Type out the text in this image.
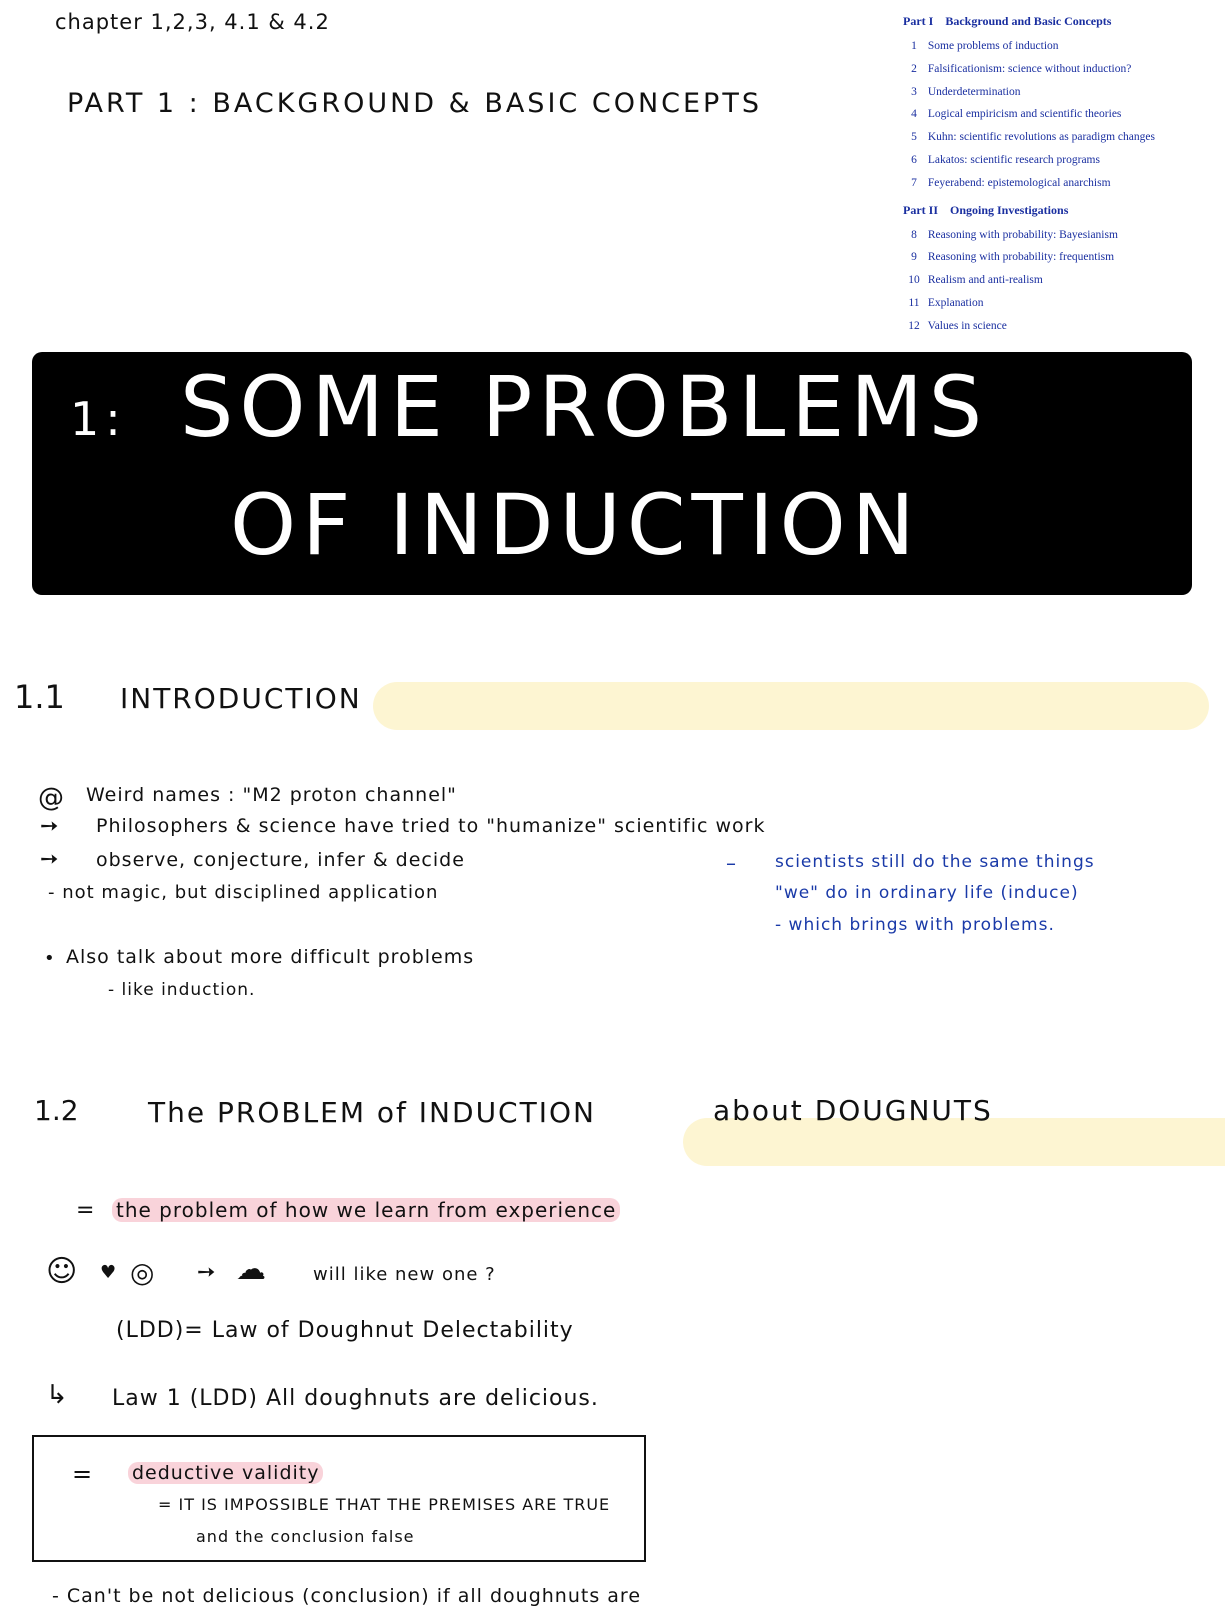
chapter 1,2,3, 4.1 & 4.2
PART 1 : BACKGROUND & BASIC CONCEPTS
Part I Background and Basic Concepts
1 Some problems of induction
2 Falsificationism: science without induction?
3 Underdetermination
4 Logical empiricism and scientific theories
5 Kuhn: scientific revolutions as paradigm changes
6 Lakatos: scientific research programs
7 Feyerabend: epistemological anarchism
Part II Ongoing Investigations
8 Reasoning with probability: Bayesianism
9 Reasoning with probability: frequentism
10 Realism and anti-realism
11 Explanation
12 Values in science
1: SOME PROBLEMS
OF INDUCTION
1.1 INTRODUCTION
@ Weird names : "M2 proton channel"
➙ Philosophers & science have tried to "humanize" scientific work
➙ observe, conjecture, infer & decide
- not magic, but disciplined application
• Also talk about more difficult problems
- like induction.
– scientists still do the same things
"we" do in ordinary life (induce)
- which brings with problems.
1.2 The PROBLEM of INDUCTION	about DOUGNUTS
= the problem of how we learn from experience
☺ ♥ ◎ ➙ ☁	will like new one ?
(LDD)= Law of Doughnut Delectability
↳ Law 1 (LDD) All doughnuts are delicious.
= deductive validity
= IT IS IMPOSSIBLE THAT THE PREMISES ARE TRUE
and the conclusion false
- Can't be not delicious (conclusion) if all doughnuts are
